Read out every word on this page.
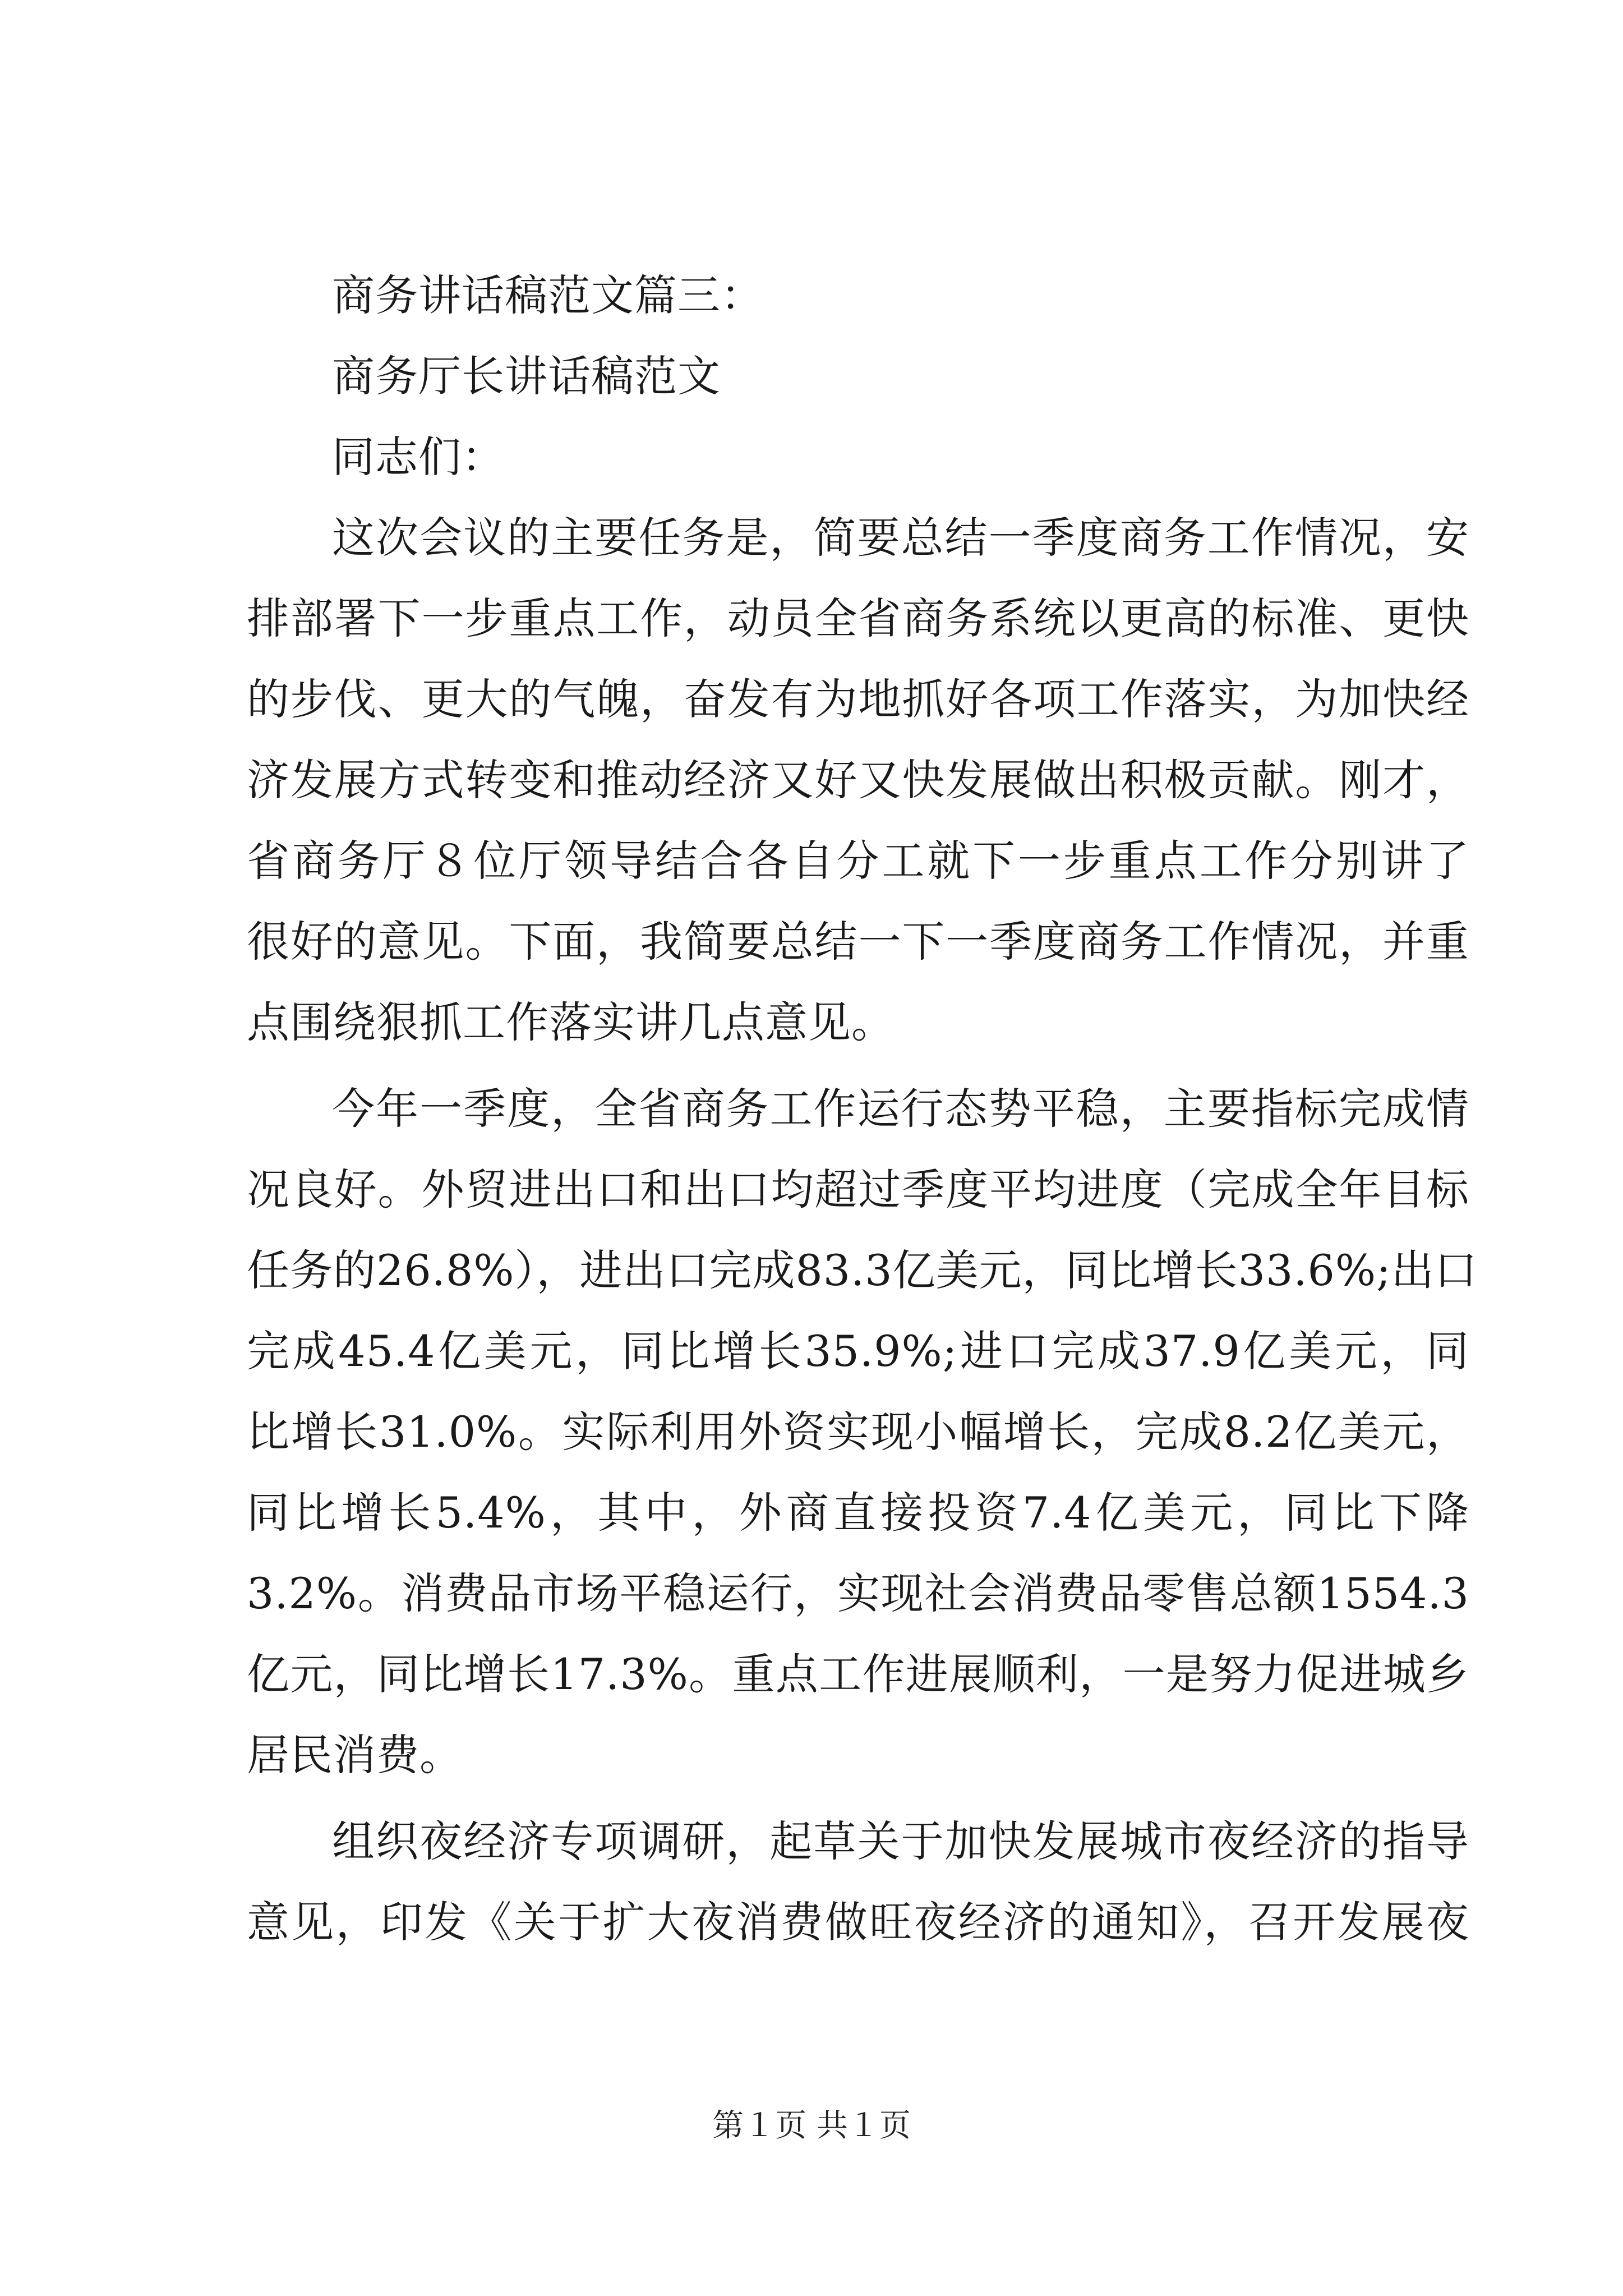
商务讲话稿范文篇三：

商务厅长讲话稿范文

同志们：

这次会议的主要任务是，简要总结一季度商务工作情况，安

排部署下一步重点工作，动员全省商务系统以更高的标准、更快

的步伐、更大的气魄，奋发有为地抓好各项工作落实，为加快经

济发展方式转变和推动经济又好又快发展做出积极贡献。刚才，

省商务厅８位厅领导结合各自分工就下一步重点工作分别讲了

很好的意见。下面，我简要总结一下一季度商务工作情况，并重

点围绕狠抓工作落实讲几点意见。

今年一季度，全省商务工作运行态势平稳，主要指标完成情

况良好。外贸进出口和出口均超过季度平均进度（完成全年目标

任务的26.8%），进出口完成83.3亿美元，同比增长33.6%;出口

完成45.4亿美元，同比增长35.9%;进口完成37.9亿美元，同

比增长31.0%。实际利用外资实现小幅增长，完成8.2亿美元，

同比增长5.4%，其中，外商直接投资7.4亿美元，同比下降

3.2%。消费品市场平稳运行，实现社会消费品零售总额1554.3

亿元，同比增长17.3%。重点工作进展顺利，一是努力促进城乡

居民消费。

组织夜经济专项调研，起草关于加快发展城市夜经济的指导

意见，印发《关于扩大夜消费做旺夜经济的通知》，召开发展夜

第１页 共１页
